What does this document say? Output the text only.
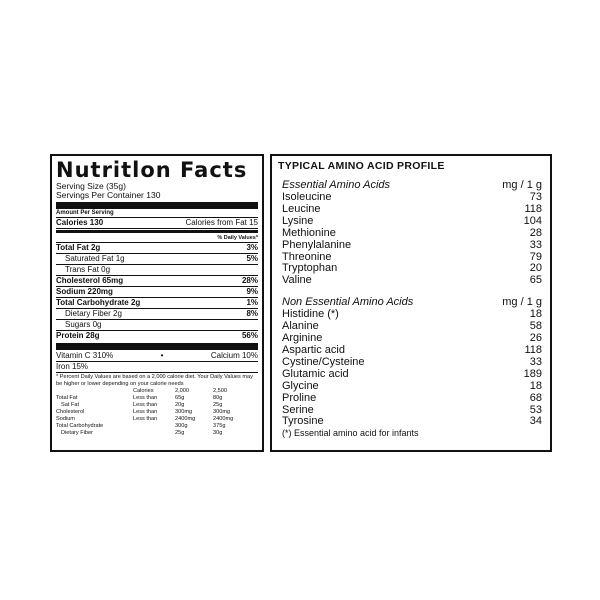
Nutritlon Facts
Serving Size (35g)
Servings Per Container 130
Amount Per Serving
Calories 130	Calories from Fat 15
% Daily Values*
Total Fat 2g	3%
Saturated Fat 1g	5%
Trans Fat 0g
Cholesterol 65mg	28%
Sodium 220mg	9%
Total Carbohydrate 2g	1%
Dietary Fiber 2g	8%
Sugars 0g
Protein 28g	56%
Vitamin C 310%	•	Calcium 10%
Iron 15%
* Percent Daily Values are based on a 2,000 calorie diet. Your Daily Values may be higher or lower depending on your calorie needs
	Calories	2,000	2,500
Total Fat	Less than	65g	80g
Sat Fat	Less than	20g	25g
Cholesterol	Less than	300mg	300mg
Sodium	Less than	2400mg	2400mg
Total Carbohydrate		300g	375g
Dietary Fiber		25g	30g
TYPICAL AMINO ACID PROFILE
Essential Amino Acids	mg / 1 g
Isoleucine	73
Leucine	118
Lysine	104
Methionine	28
Phenylalanine	33
Threonine	79
Tryptophan	20
Valine	65
Non Essential Amino Acids	mg / 1 g
Histidine (*)	18
Alanine	58
Arginine	26
Aspartic acid	118
Cystine/Cysteine	33
Glutamic acid	189
Glycine	18
Proline	68
Serine	53
Tyrosine	34
(*) Essential amino acid for infants
